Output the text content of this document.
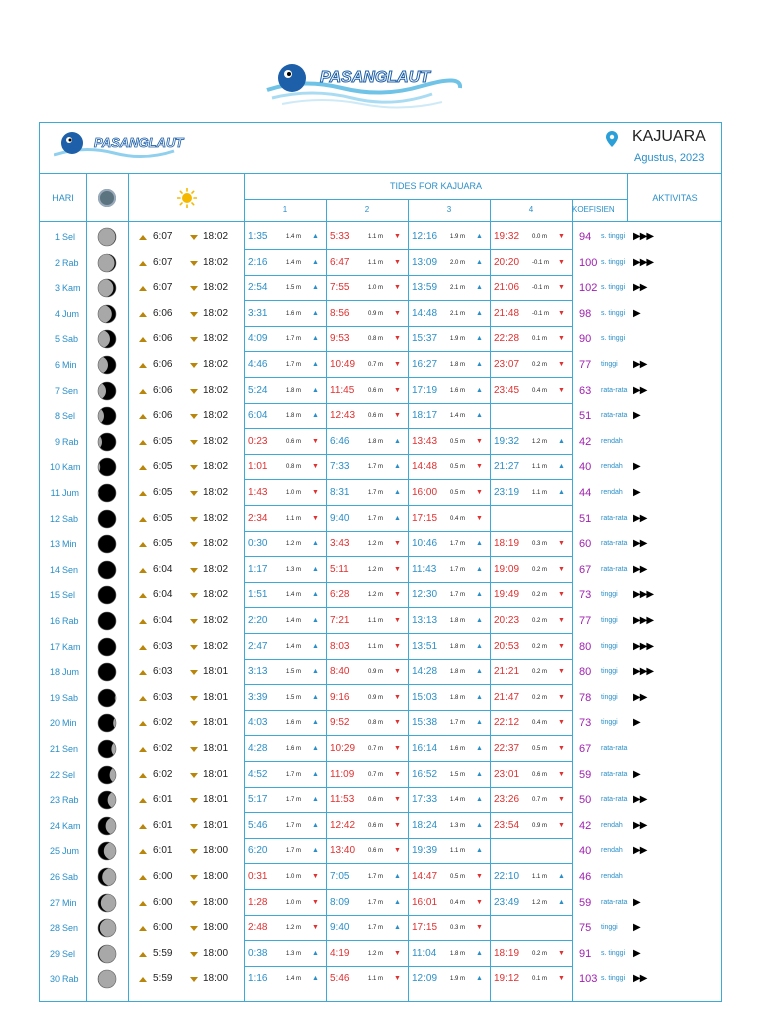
PASANGLAUT
PASANGLAUT	KAJUARA
Agustus, 2023
HARI
TIDES FOR KAJUARA
1	2	3	4	KOEFISIEN
AKTIVITAS
1 Sel	6:07	18:02 1:35	1.4 m ▲ 5:33	1.1 m ▼ 12:16 1.9 m ▲ 19:32 0.0 m ▼ 94 s. tinggi ▶▶▶
2 Rab	6:07	18:02 2:16	1.4 m ▲ 6:47	1.1 m ▼ 13:09 2.0 m ▲ 20:20 -0.1 m ▼ 100 s. tinggi ▶▶▶
3 Kam	6:07	18:02 2:54	1.5 m ▲ 7:55	1.0 m ▼ 13:59 2.1 m ▲ 21:06 -0.1 m ▼ 102 s. tinggi ▶▶
4 Jum	6:06	18:02 3:31	1.6 m ▲ 8:56	0.9 m ▼ 14:48 2.1 m ▲ 21:48 -0.1 m ▼ 98 s. tinggi ▶
5 Sab	6:06	18:02 4:09	1.7 m ▲ 9:53	0.8 m ▼ 15:37 1.9 m ▲ 22:28 0.1 m ▼ 90 s. tinggi
6 Min	6:06	18:02 4:46	1.7 m ▲ 10:49 0.7 m ▼ 16:27 1.8 m ▲ 23:07 0.2 m ▼ 77 tinggi ▶▶
7 Sen	6:06	18:02 5:24	1.8 m ▲ 11:45 0.6 m ▼ 17:19 1.6 m ▲ 23:45 0.4 m ▼ 63 rata-rata ▶▶
8 Sel	6:06	18:02 6:04	1.8 m ▲ 12:43 0.6 m ▼ 18:17 1.4 m ▲	51 rata-rata ▶
9 Rab	6:05	18:02 0:23	0.6 m ▼ 6:46	1.8 m ▲ 13:43 0.5 m ▼ 19:32 1.2 m ▲ 42 rendah
10 Kam	6:05	18:02 1:01	0.8 m ▼ 7:33	1.7 m ▲ 14:48 0.5 m ▼ 21:27 1.1 m ▲ 40 rendah ▶
11 Jum	6:05	18:02 1:43	1.0 m ▼ 8:31	1.7 m ▲ 16:00 0.5 m ▼ 23:19 1.1 m ▲ 44 rendah ▶
12 Sab	6:05	18:02 2:34	1.1 m ▼ 9:40	1.7 m ▲ 17:15 0.4 m ▼	51 rata-rata ▶▶
13 Min	6:05	18:02 0:30	1.2 m ▲ 3:43	1.2 m ▼ 10:46 1.7 m ▲ 18:19 0.3 m ▼ 60 rata-rata ▶▶
14 Sen	6:04	18:02 1:17	1.3 m ▲ 5:11	1.2 m ▼ 11:43 1.7 m ▲ 19:09 0.2 m ▼ 67 rata-rata ▶▶
15 Sel	6:04	18:02 1:51	1.4 m ▲ 6:28	1.2 m ▼ 12:30 1.7 m ▲ 19:49 0.2 m ▼ 73 tinggi ▶▶▶
16 Rab	6:04	18:02 2:20	1.4 m ▲ 7:21	1.1 m ▼ 13:13 1.8 m ▲ 20:23 0.2 m ▼ 77 tinggi ▶▶▶
17 Kam	6:03	18:02 2:47	1.4 m ▲ 8:03	1.1 m ▼ 13:51 1.8 m ▲ 20:53 0.2 m ▼ 80 tinggi ▶▶▶
18 Jum	6:03	18:01 3:13	1.5 m ▲ 8:40	0.9 m ▼ 14:28 1.8 m ▲ 21:21 0.2 m ▼ 80 tinggi ▶▶▶
19 Sab	6:03	18:01 3:39	1.5 m ▲ 9:16	0.9 m ▼ 15:03 1.8 m ▲ 21:47 0.2 m ▼ 78 tinggi ▶▶
20 Min	6:02	18:01 4:03	1.6 m ▲ 9:52	0.8 m ▼ 15:38 1.7 m ▲ 22:12 0.4 m ▼ 73 tinggi ▶
21 Sen	6:02	18:01 4:28	1.6 m ▲ 10:29 0.7 m ▼ 16:14 1.6 m ▲ 22:37 0.5 m ▼ 67 rata-rata
22 Sel	6:02	18:01 4:52	1.7 m ▲ 11:09 0.7 m ▼ 16:52 1.5 m ▲ 23:01 0.6 m ▼ 59 rata-rata ▶
23 Rab	6:01	18:01 5:17	1.7 m ▲ 11:53 0.6 m ▼ 17:33 1.4 m ▲ 23:26 0.7 m ▼ 50 rata-rata ▶▶
24 Kam	6:01	18:01 5:46	1.7 m ▲ 12:42 0.6 m ▼ 18:24 1.3 m ▲ 23:54 0.9 m ▼ 42 rendah ▶▶
25 Jum	6:01	18:00 6:20	1.7 m ▲ 13:40 0.6 m ▼ 19:39 1.1 m ▲	40 rendah ▶▶
26 Sab	6:00	18:00 0:31	1.0 m ▼ 7:05	1.7 m ▲ 14:47 0.5 m ▼ 22:10 1.1 m ▲ 46 rendah
27 Min	6:00	18:00 1:28	1.0 m ▼ 8:09	1.7 m ▲ 16:01 0.4 m ▼ 23:49 1.2 m ▲ 59 rata-rata ▶
28 Sen	6:00	18:00 2:48	1.2 m ▼ 9:40	1.7 m ▲ 17:15 0.3 m ▼	75 tinggi ▶
29 Sel	5:59	18:00 0:38	1.3 m ▲ 4:19	1.2 m ▼ 11:04 1.8 m ▲ 18:19 0.2 m ▼ 91 s. tinggi ▶
30 Rab	5:59	18:00 1:16	1.4 m ▲ 5:46	1.1 m ▼ 12:09 1.9 m ▲ 19:12 0.1 m ▼ 103 s. tinggi ▶▶
